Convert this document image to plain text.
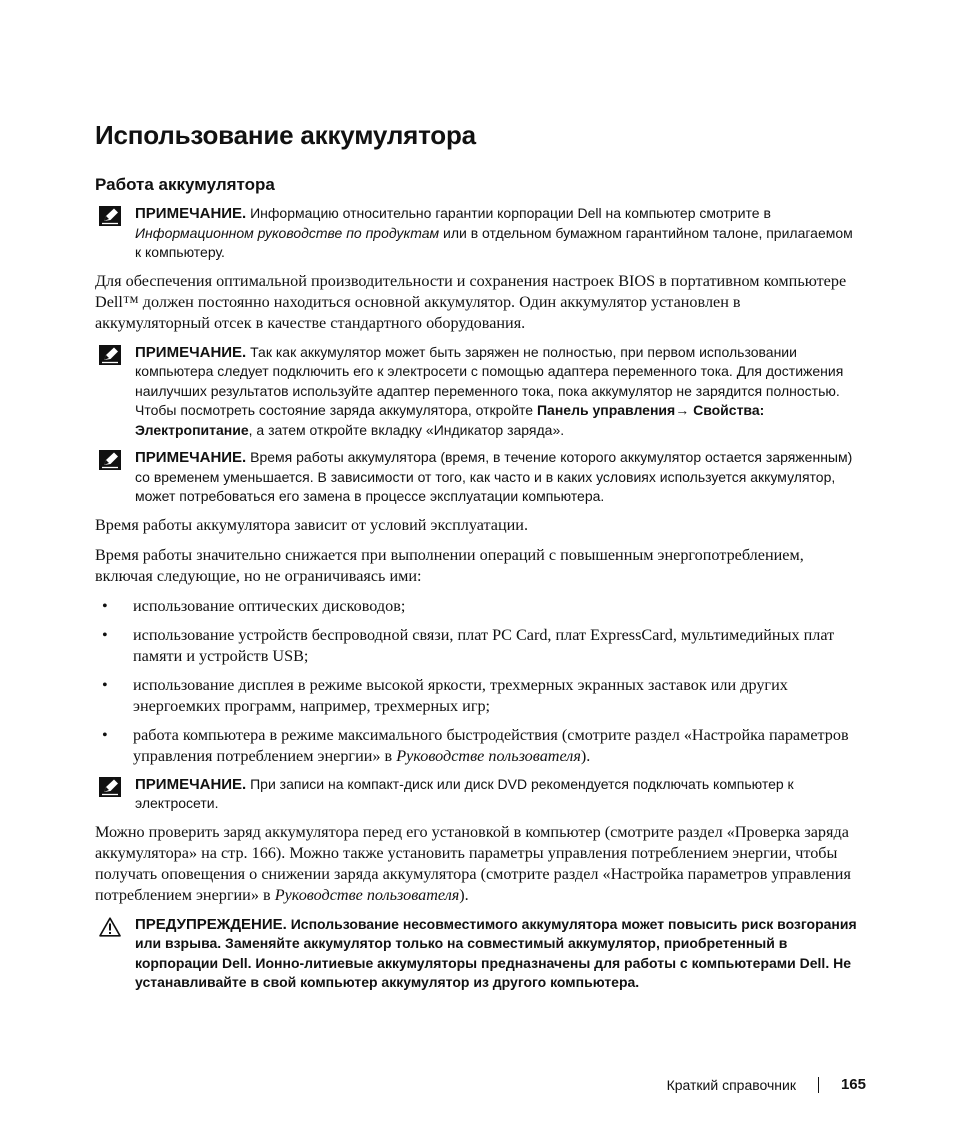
Использование аккумулятора
Работа аккумулятора

ПРИМЕЧАНИЕ. Информацию относительно гарантии корпорации Dell на компьютер смотрите в Информационном руководстве по продуктам или в отдельном бумажном гарантийном талоне, прилагаемом к компьютеру.

Для обеспечения оптимальной производительности и сохранения настроек BIOS в портативном компьютере Dell™ должен постоянно находиться основной аккумулятор. Один аккумулятор установлен в аккумуляторный отсек в качестве стандартного оборудования.

ПРИМЕЧАНИЕ. Так как аккумулятор может быть заряжен не полностью, при первом использовании компьютера следует подключить его к электросети с помощью адаптера переменного тока. Для достижения наилучших результатов используйте адаптер переменного тока, пока аккумулятор не зарядится полностью. Чтобы посмотреть состояние заряда аккумулятора, откройте Панель управления→ Свойства: Электропитание, а затем откройте вкладку «Индикатор заряда».

ПРИМЕЧАНИЕ. Время работы аккумулятора (время, в течение которого аккумулятор остается заряженным) со временем уменьшается. В зависимости от того, как часто и в каких условиях используется аккумулятор, может потребоваться его замена в процессе эксплуатации компьютера.

Время работы аккумулятора зависит от условий эксплуатации.

Время работы значительно снижается при выполнении операций с повышенным энергопотреблением, включая следующие, но не ограничиваясь ими:

• использование оптических дисководов;
• использование устройств беспроводной связи, плат PC Card, плат ExpressCard, мультимедийных плат памяти и устройств USB;
• использование дисплея в режиме высокой яркости, трехмерных экранных заставок или других энергоемких программ, например, трехмерных игр;
• работа компьютера в режиме максимального быстродействия (смотрите раздел «Настройка параметров управления потреблением энергии» в Руководстве пользователя).

ПРИМЕЧАНИЕ. При записи на компакт-диск или диск DVD рекомендуется подключать компьютер к электросети.

Можно проверить заряд аккумулятора перед его установкой в компьютер (смотрите раздел «Проверка заряда аккумулятора» на стр. 166). Можно также установить параметры управления потреблением энергии, чтобы получать оповещения о снижении заряда аккумулятора (смотрите раздел «Настройка параметров управления потреблением энергии» в Руководстве пользователя).

ПРЕДУПРЕЖДЕНИЕ. Использование несовместимого аккумулятора может повысить риск возгорания или взрыва. Заменяйте аккумулятор только на совместимый аккумулятор, приобретенный в корпорации Dell. Ионно-литиевые аккумуляторы предназначены для работы с компьютерами Dell. Не устанавливайте в свой компьютер аккумулятор из другого компьютера.

Краткий справочник	165
